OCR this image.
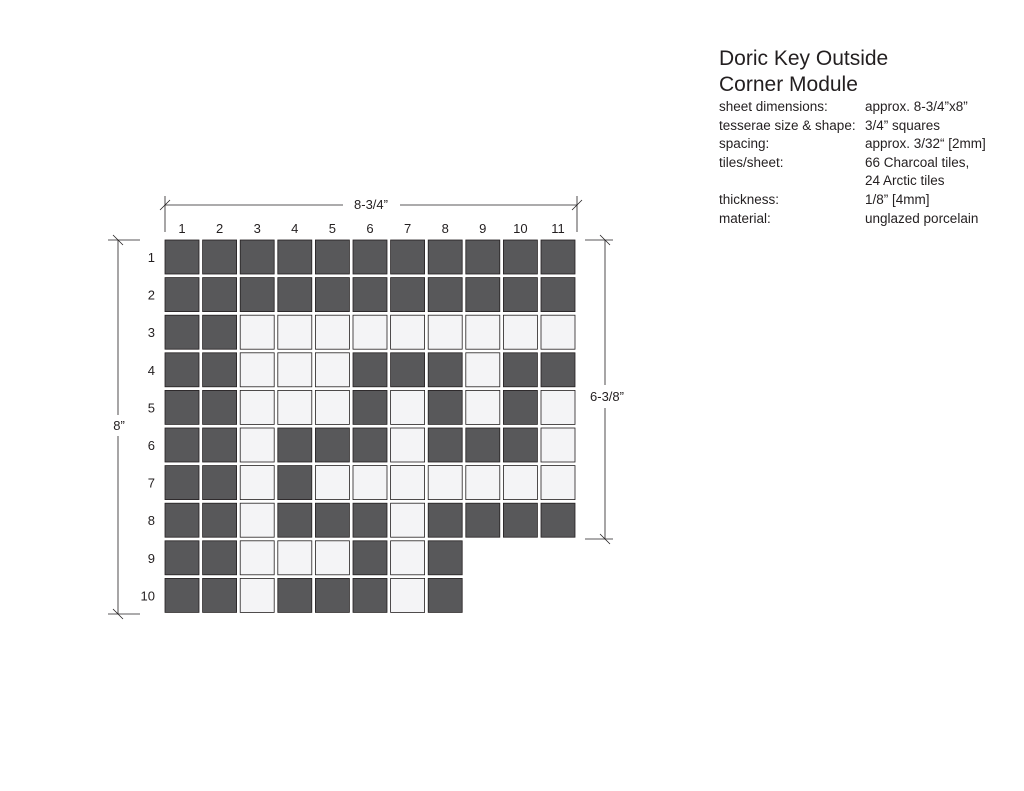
1 2 3 4 5 6 7 8 9 10 11
1
2
3
4
5
6
7
8
9
10
8-3/4”
8”
6-3/8”
Doric Key Outside
Corner Module
sheet dimensions:	approx. 8-3/4”x8”
tesserae size & shape: 3/4” squares
spacing:	approx. 3/32“ [2mm]
tiles/sheet:	66 Charcoal tiles,
24 Arctic tiles
thickness:	1/8” [4mm]
material:	unglazed porcelain
